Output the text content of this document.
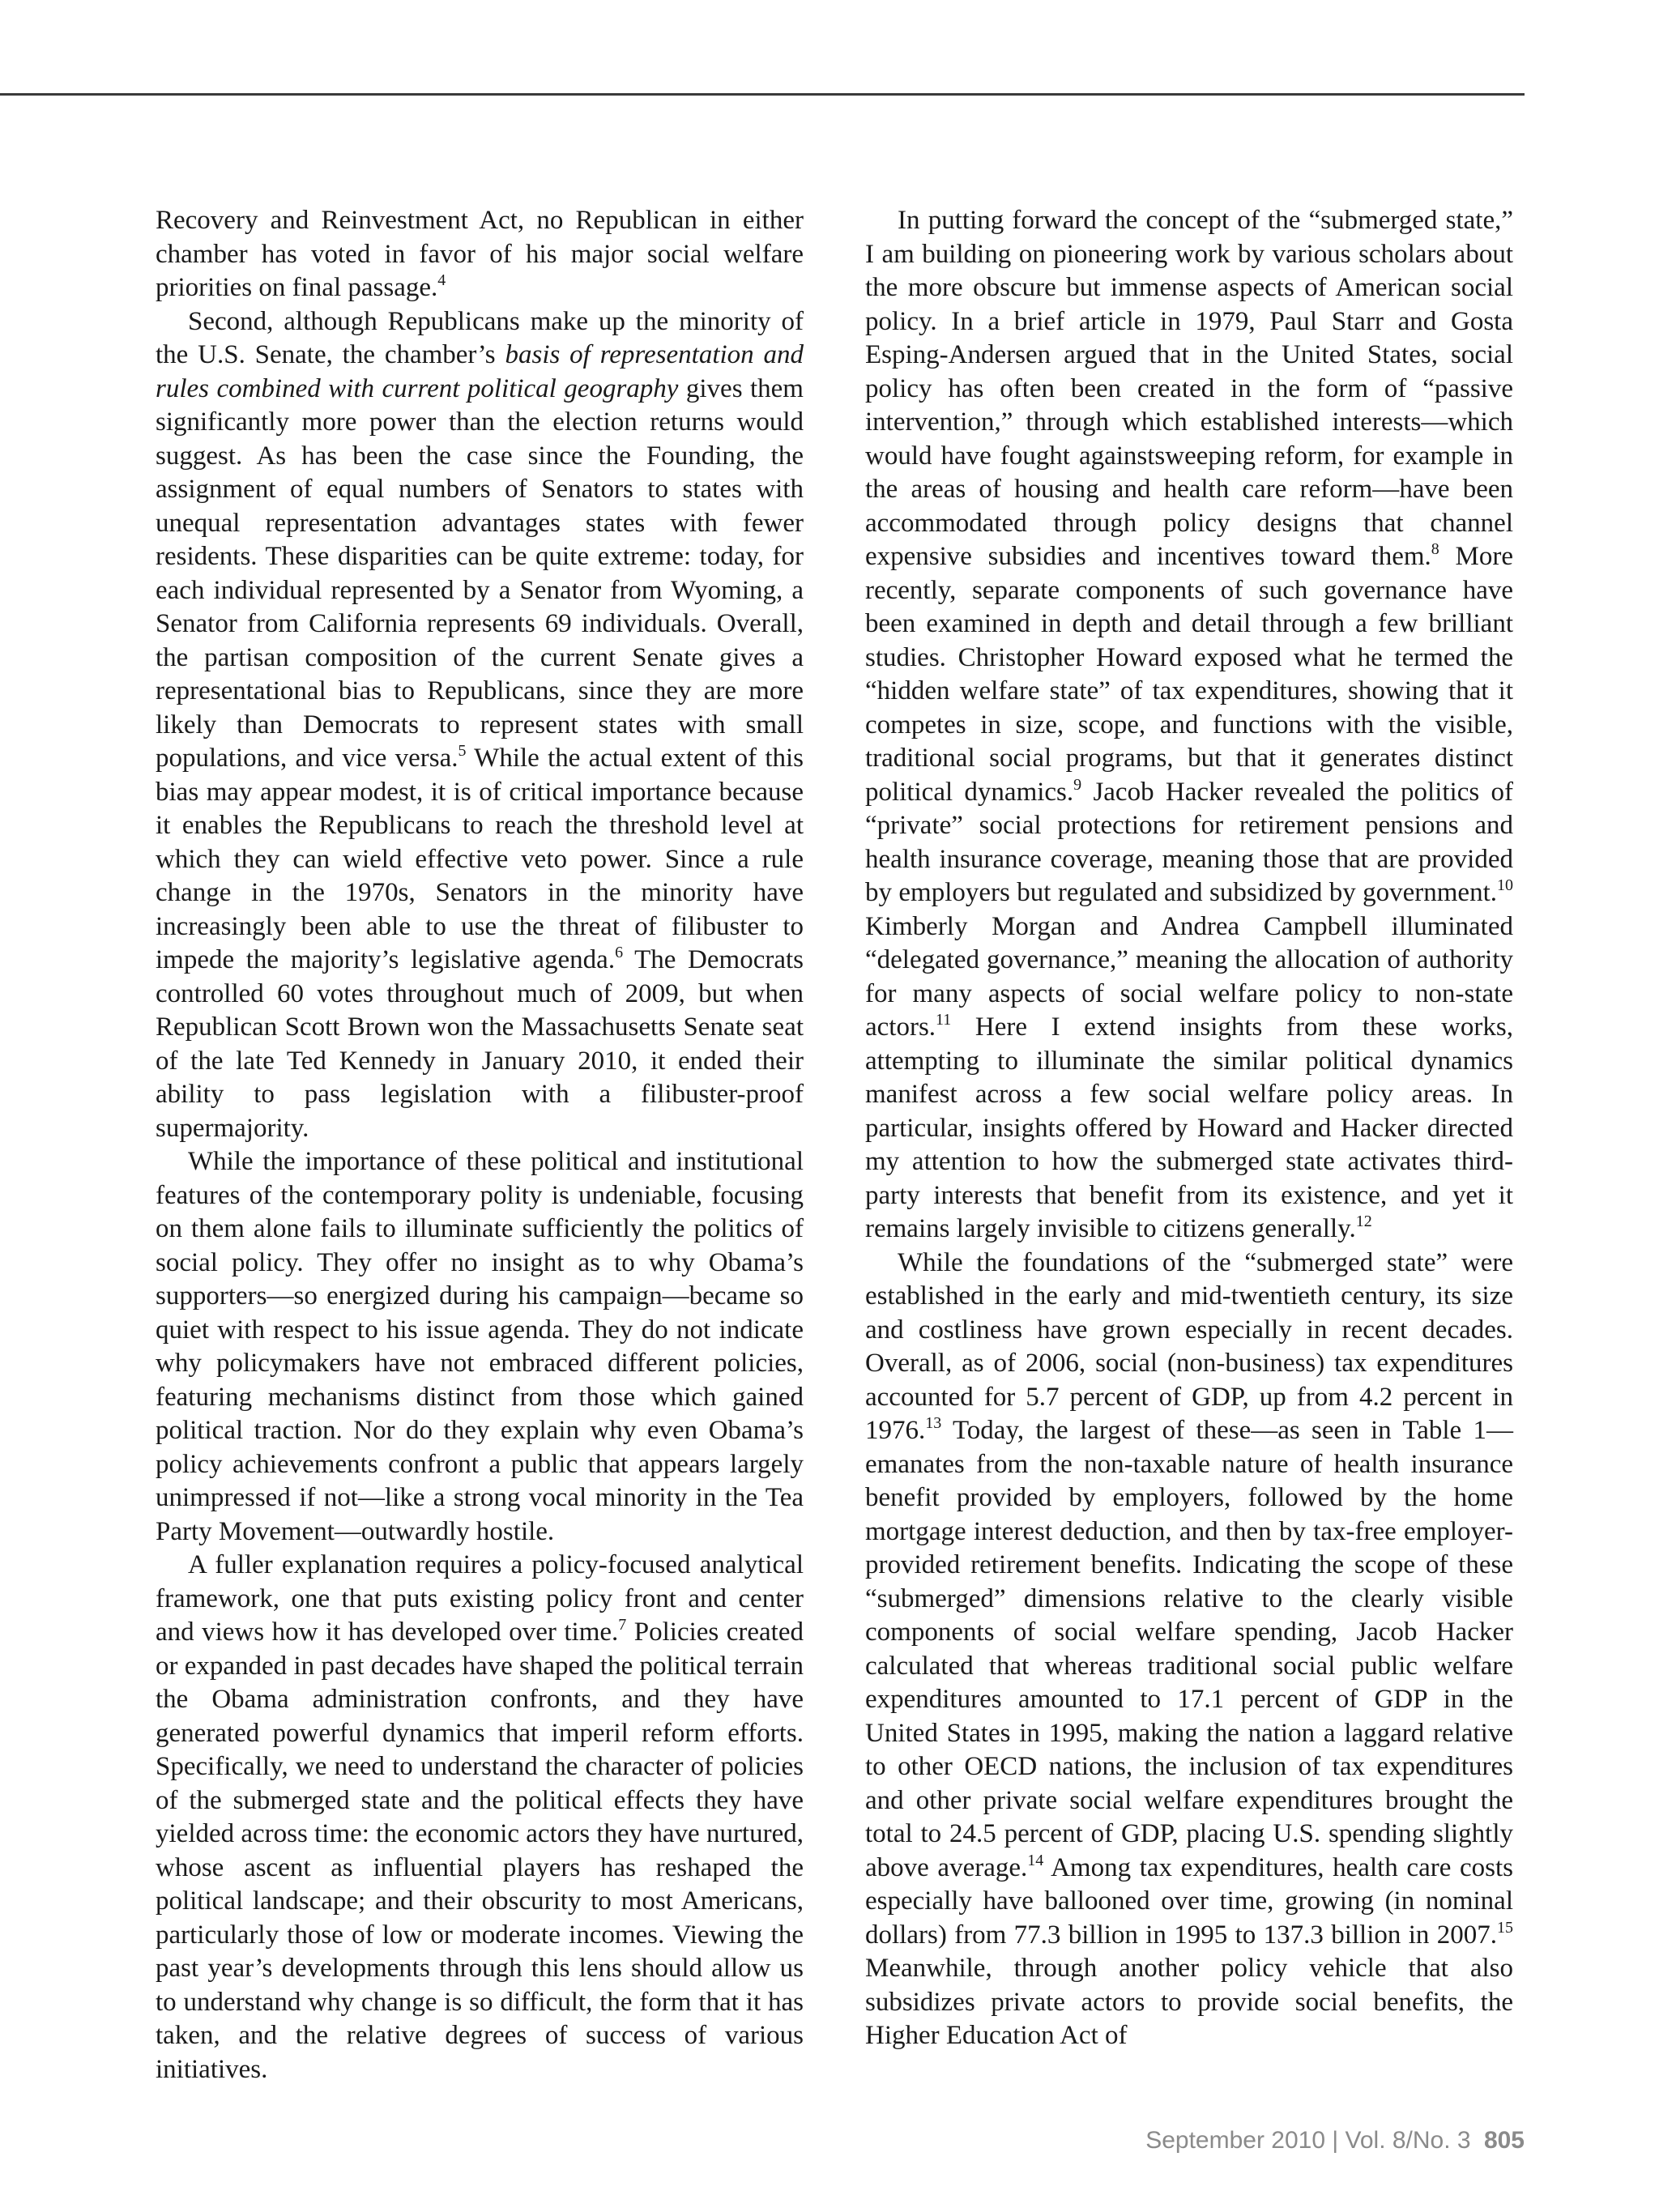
Recovery and Reinvestment Act, no Republican in either chamber has voted in favor of his major social welfare priorities on final passage.$^4$

Second, although Republicans make up the minority of the U.S. Senate, the chamber’s basis of representation and rules combined with current political geography gives them significantly more power than the election returns would suggest. As has been the case since the Founding, the assignment of equal numbers of Senators to states with unequal representation advantages states with fewer residents. These disparities can be quite extreme: today, for each individual represented by a Senator from Wyoming, a Senator from California represents 69 individuals. Overall, the partisan composition of the current Senate gives a representational bias to Republicans, since they are more likely than Democrats to represent states with small populations, and vice versa.$^5$ While the actual extent of this bias may appear modest, it is of critical importance because it enables the Republicans to reach the threshold level at which they can wield effective veto power. Since a rule change in the 1970s, Senators in the minority have increasingly been able to use the threat of filibuster to impede the majority’s legislative agenda.$^6$ The Democrats controlled 60 votes throughout much of 2009, but when Republican Scott Brown won the Massachusetts Senate seat of the late Ted Kennedy in January 2010, it ended their ability to pass legislation with a filibuster-proof supermajority.

While the importance of these political and institutional features of the contemporary polity is undeniable, focusing on them alone fails to illuminate sufficiently the politics of social policy. They offer no insight as to why Obama’s supporters—so energized during his campaign—became so quiet with respect to his issue agenda. They do not indicate why policymakers have not embraced different policies, featuring mechanisms distinct from those which gained political traction. Nor do they explain why even Obama’s policy achievements confront a public that appears largely unimpressed if not—like a strong vocal minority in the Tea Party Movement—outwardly hostile.

A fuller explanation requires a policy-focused analytical framework, one that puts existing policy front and center and views how it has developed over time.$^7$ Policies created or expanded in past decades have shaped the political terrain the Obama administration confronts, and they have generated powerful dynamics that imperil reform efforts. Specifically, we need to understand the character of policies of the submerged state and the political effects they have yielded across time: the economic actors they have nurtured, whose ascent as influential players has reshaped the political landscape; and their obscurity to most Americans, particularly those of low or moderate incomes. Viewing the past year’s developments through this lens should allow us to understand why change is so difficult, the form that it has taken, and the relative degrees of success of various initiatives.

In putting forward the concept of the “submerged state,” I am building on pioneering work by various scholars about the more obscure but immense aspects of American social policy. In a brief article in 1979, Paul Starr and Gosta Esping-Andersen argued that in the United States, social policy has often been created in the form of “passive intervention,” through which established interests—which would have fought againstsweeping reform, for example in the areas of housing and health care reform—have been accommodated through policy designs that channel expensive subsidies and incentives toward them.$^8$ More recently, separate components of such governance have been examined in depth and detail through a few brilliant studies. Christopher Howard exposed what he termed the “hidden welfare state” of tax expenditures, showing that it competes in size, scope, and functions with the visible, traditional social programs, but that it generates distinct political dynamics.$^9$ Jacob Hacker revealed the politics of “private” social protections for retirement pensions and health insurance coverage, meaning those that are provided by employers but regulated and subsidized by government.$^{10}$ Kimberly Morgan and Andrea Campbell illuminated “delegated governance,” meaning the allocation of authority for many aspects of social welfare policy to non-state actors.$^{11}$ Here I extend insights from these works, attempting to illuminate the similar political dynamics manifest across a few social welfare policy areas. In particular, insights offered by Howard and Hacker directed my attention to how the submerged state activates third-party interests that benefit from its existence, and yet it remains largely invisible to citizens generally.$^{12}$

While the foundations of the “submerged state” were established in the early and mid-twentieth century, its size and costliness have grown especially in recent decades. Overall, as of 2006, social (non-business) tax expenditures accounted for 5.7 percent of GDP, up from 4.2 percent in 1976.13 Today, the largest of these—as seen in Table 1—emanates from the non-taxable nature of health insurance benefit provided by employers, followed by the home mortgage interest deduction, and then by tax-free employer-provided retirement benefits. Indicating the scope of these “submerged” dimensions relative to the clearly visible components of social welfare spending, Jacob Hacker calculated that whereas traditional social public welfare expenditures amounted to 17.1 percent of GDP in the United States in 1995, making the nation a laggard relative to other OECD nations, the inclusion of tax expenditures and other private social welfare expenditures brought the total to 24.5 percent of GDP, placing U.S. spending slightly above average.$^{14}$ Among tax expenditures, health care costs especially have ballooned over time, growing (in nominal dollars) from 77.3 billion in 1995 to 137.3 billion in 2007.15 Meanwhile, through another policy vehicle that also subsidizes private actors to provide social benefits, the Higher Education Act of

September 2010 | Vol. 8/No. 3 805
